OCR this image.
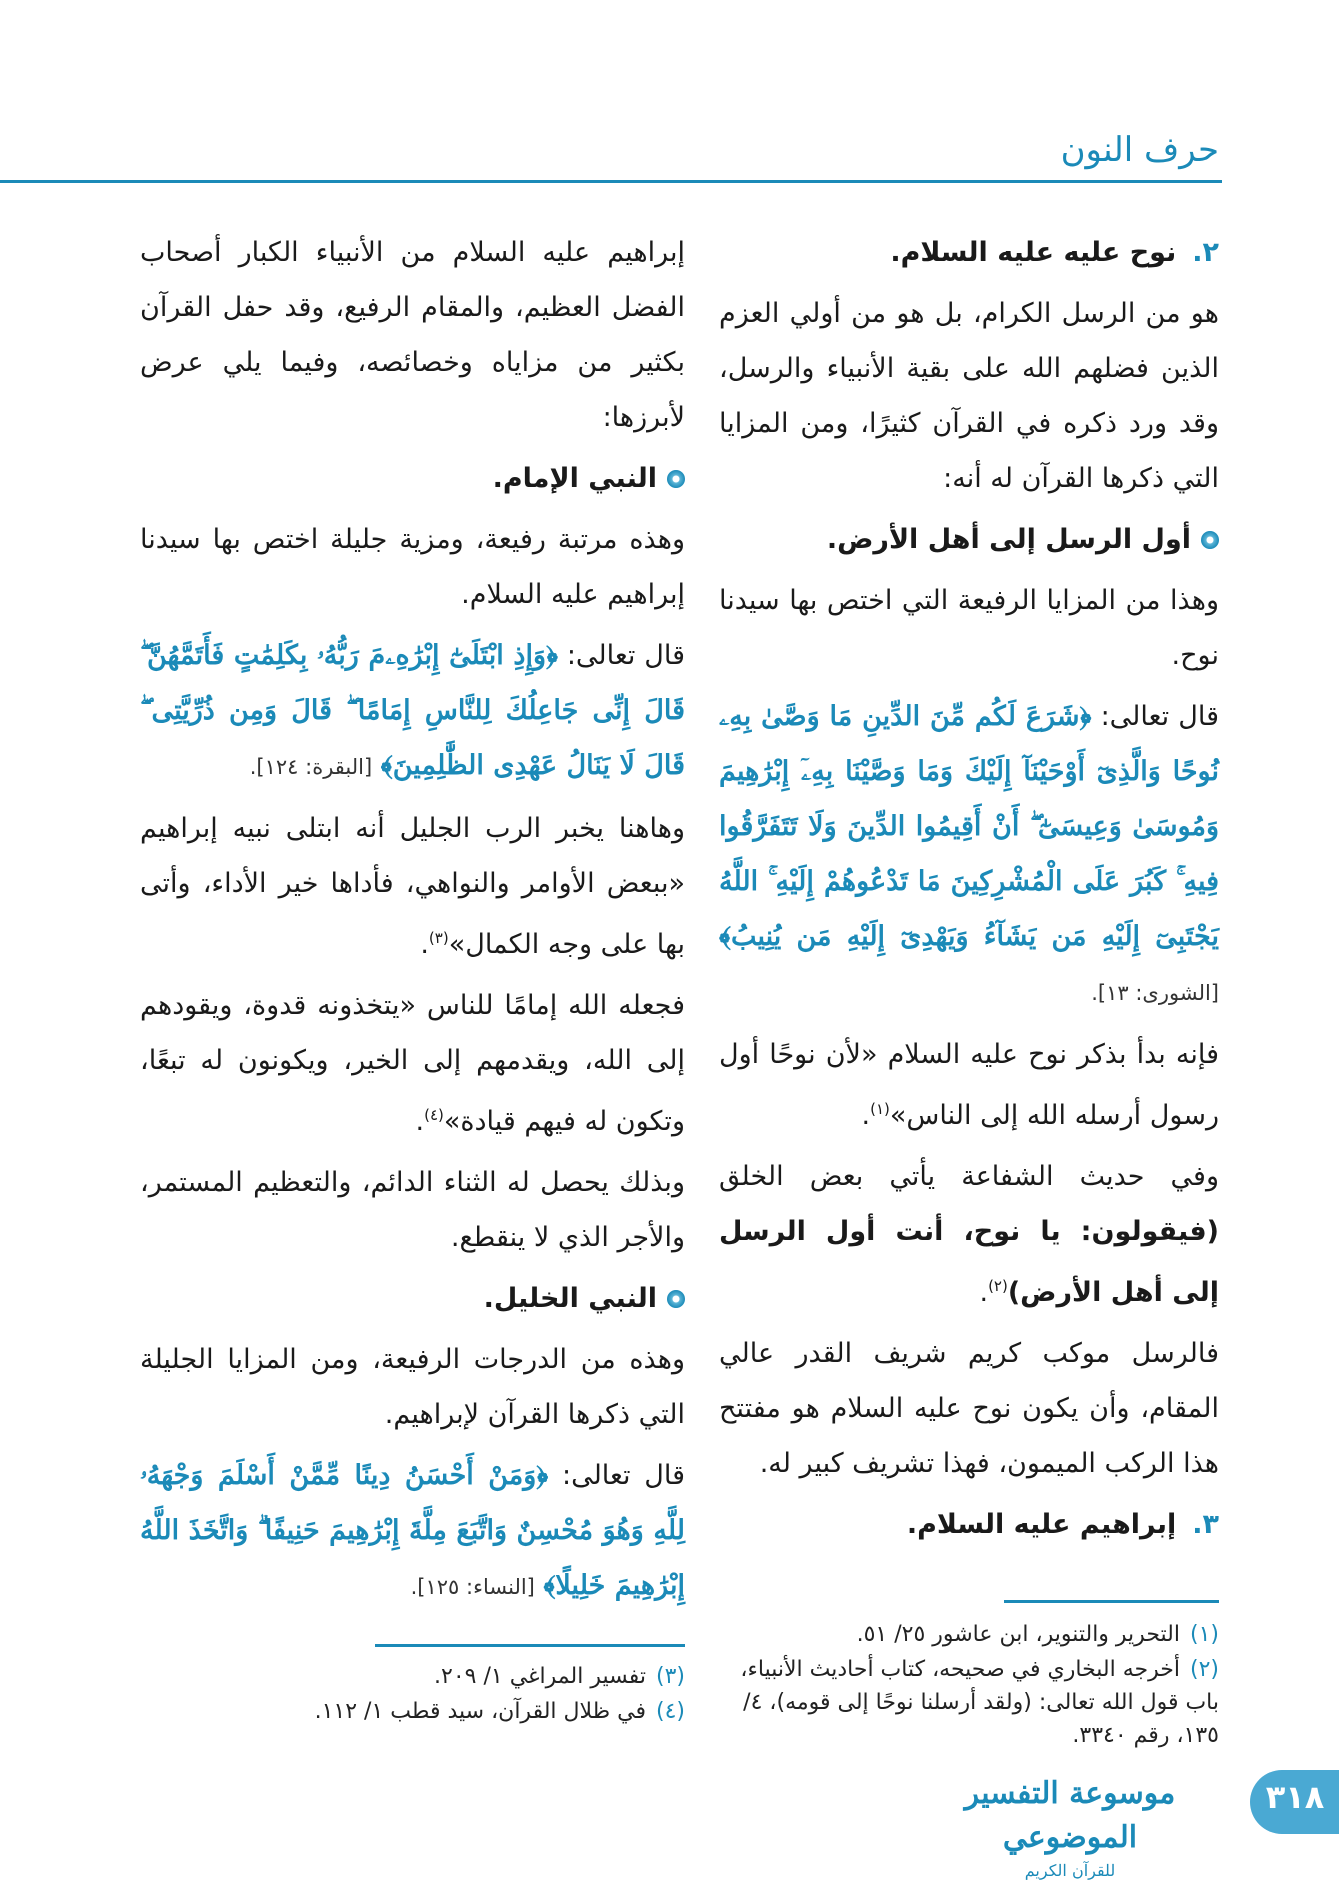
حرف النون
٢.
نوح عليه عليه السلام.

هو من الرسل الكرام، بل هو من أولي العزم الذين فضلهم الله على بقية الأنبياء والرسل، وقد ورد ذكره في القرآن كثيرًا، ومن المزايا التي ذكرها القرآن له أنه:

أول الرسل إلى أهل الأرض.

وهذا من المزايا الرفيعة التي اختص بها سيدنا نوح.

قال تعالى: ﴿شَرَعَ لَكُم مِّنَ الدِّينِ مَا وَصَّىٰ بِهِۦ نُوحًا وَالَّذِىٓ أَوْحَيْنَآ إِلَيْكَ وَمَا وَصَّيْنَا بِهِۦٓ إِبْرَٰهِيمَ وَمُوسَىٰ وَعِيسَىٰٓ ۖ أَنْ أَقِيمُوا الدِّينَ وَلَا تَتَفَرَّقُوا فِيهِ ۚ كَبُرَ عَلَى الْمُشْرِكِينَ مَا تَدْعُوهُمْ إِلَيْهِ ۚ اللَّهُ يَجْتَبِىٓ إِلَيْهِ مَن يَشَآءُ وَيَهْدِىٓ إِلَيْهِ مَن يُنِيبُ﴾ [الشورى: ١٣].

فإنه بدأ بذكر نوح عليه السلام «لأن نوحًا أول رسول أرسله الله إلى الناس»$^{(١)}$.

وفي حديث الشفاعة يأتي بعض الخلق (فيقولون: يا نوح، أنت أول الرسل إلى أهل الأرض)$^{(٢)}$.

فالرسل موكب كريم شريف القدر عالي المقام، وأن يكون نوح عليه السلام هو مفتتح هذا الركب الميمون، فهذا تشريف كبير له.

٣.
إبراهيم عليه السلام.

إبراهيم عليه السلام من الأنبياء الكبار أصحاب الفضل العظيم، والمقام الرفيع، وقد حفل القرآن بكثير من مزاياه وخصائصه، وفيما يلي عرض لأبرزها:

النبي الإمام.

وهذه مرتبة رفيعة، ومزية جليلة اختص بها سيدنا إبراهيم عليه السلام.

قال تعالى: ﴿وَإِذِ ابْتَلَىٰٓ إِبْرَٰهِۦمَ رَبُّهُۥ بِكَلِمَٰتٍ فَأَتَمَّهُنَّ ۖ قَالَ إِنِّى جَاعِلُكَ لِلنَّاسِ إِمَامًا ۖ قَالَ وَمِن ذُرِّيَّتِى ۖ قَالَ لَا يَنَالُ عَهْدِى الظَّٰلِمِينَ﴾ [البقرة: ١٢٤].

وهاهنا يخبر الرب الجليل أنه ابتلى نبيه إبراهيم «ببعض الأوامر والنواهي، فأداها خير الأداء، وأتى بها على وجه الكمال»$^{(٣)}$.

فجعله الله إمامًا للناس «يتخذونه قدوة، ويقودهم إلى الله، ويقدمهم إلى الخير، ويكونون له تبعًا، وتكون له فيهم قيادة»$^{(٤)}$.

وبذلك يحصل له الثناء الدائم، والتعظيم المستمر، والأجر الذي لا ينقطع.

النبي الخليل.

وهذه من الدرجات الرفيعة، ومن المزايا الجليلة التي ذكرها القرآن لإبراهيم.

قال تعالى: ﴿وَمَنْ أَحْسَنُ دِينًا مِّمَّنْ أَسْلَمَ وَجْهَهُۥ لِلَّهِ وَهُوَ مُحْسِنٌ وَاتَّبَعَ مِلَّةَ إِبْرَٰهِيمَ حَنِيفًا ۗ وَاتَّخَذَ اللَّهُ إِبْرَٰهِيمَ خَلِيلًا﴾ [النساء: ١٢٥].

(١)التحرير والتنوير، ابن عاشور ٢٥/ ٥١.
(٢)أخرجه البخاري في صحيحه، كتاب أحاديث الأنبياء، باب قول الله تعالى: (ولقد أرسلنا نوحًا إلى قومه)، ٤/ ١٣٥، رقم ٣٣٤٠.
(٣)تفسير المراغي ١/ ٢٠٩.
(٤)في ظلال القرآن، سيد قطب ١/ ١١٢.
موسوعة التفسير الموضوعي
للقرآن الكريم
٣١٨
